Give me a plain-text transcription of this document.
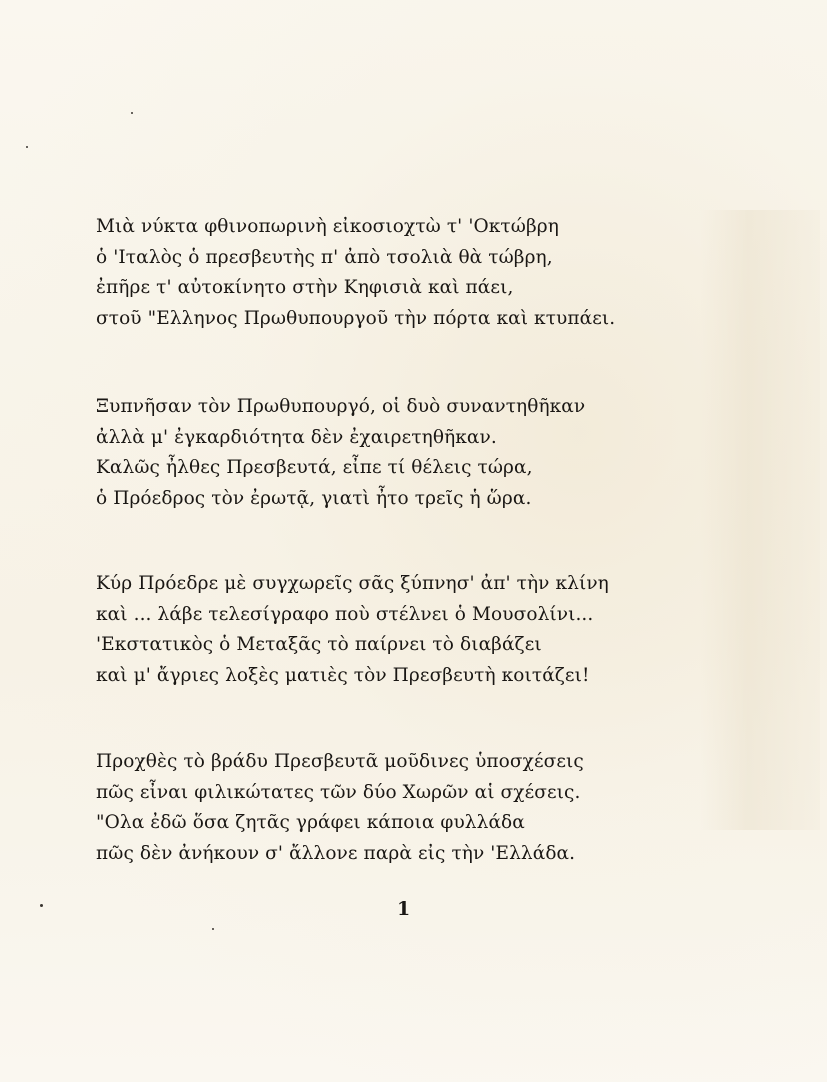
Μιὰ νύκτα φθινοπωρινὴ εἰκοσιοχτὼ τ' 'Οκτώβρη
ὁ 'Ιταλὸς ὁ πρεσβευτὴς π' ἀπὸ τσολιὰ θὰ τώβρη,
ἐπῆρε τ' αὐτοκίνητο στὴν Κηφισιὰ καὶ πάει,
στοῦ "Ελληνος Πρωθυπουργοῦ τὴν πόρτα καὶ κτυπάει.
Ξυπνῆσαν τὸν Πρωθυπουργό, οἱ δυὸ συναντηθῆκαν
ἀλλὰ μ' ἐγκαρδιότητα δὲν ἐχαιρετηθῆκαν.
Καλῶς ἦλθες Πρεσβευτά, εἶπε τί θέλεις τώρα,
ὁ Πρόεδρος τὸν ἐρωτᾷ, γιατὶ ἦτο τρεῖς ἡ ὥρα.
Κύρ Πρόεδρε μὲ συγχωρεῖς σᾶς ξύπνησ' ἀπ' τὴν κλίνη
καὶ ... λάβε τελεσίγραφο ποὺ στέλνει ὁ Μουσολίνι...
'Εκστατικὸς ὁ Μεταξᾶς τὸ παίρνει τὸ διαβάζει
καὶ μ' ἄγριες λοξὲς ματιὲς τὸν Πρεσβευτὴ κοιτάζει!
Προχθὲς τὸ βράδυ Πρεσβευτᾶ μοῦδινες ὑποσχέσεις
πῶς εἶναι φιλικώτατες τῶν δύο Χωρῶν αἱ σχέσεις.
"Ολα ἐδῶ ὅσα ζητᾶς γράφει κάποια φυλλάδα
πῶς δὲν ἀνήκουν σ' ἄλλονε παρὰ εἰς τὴν 'Ελλάδα.
1
